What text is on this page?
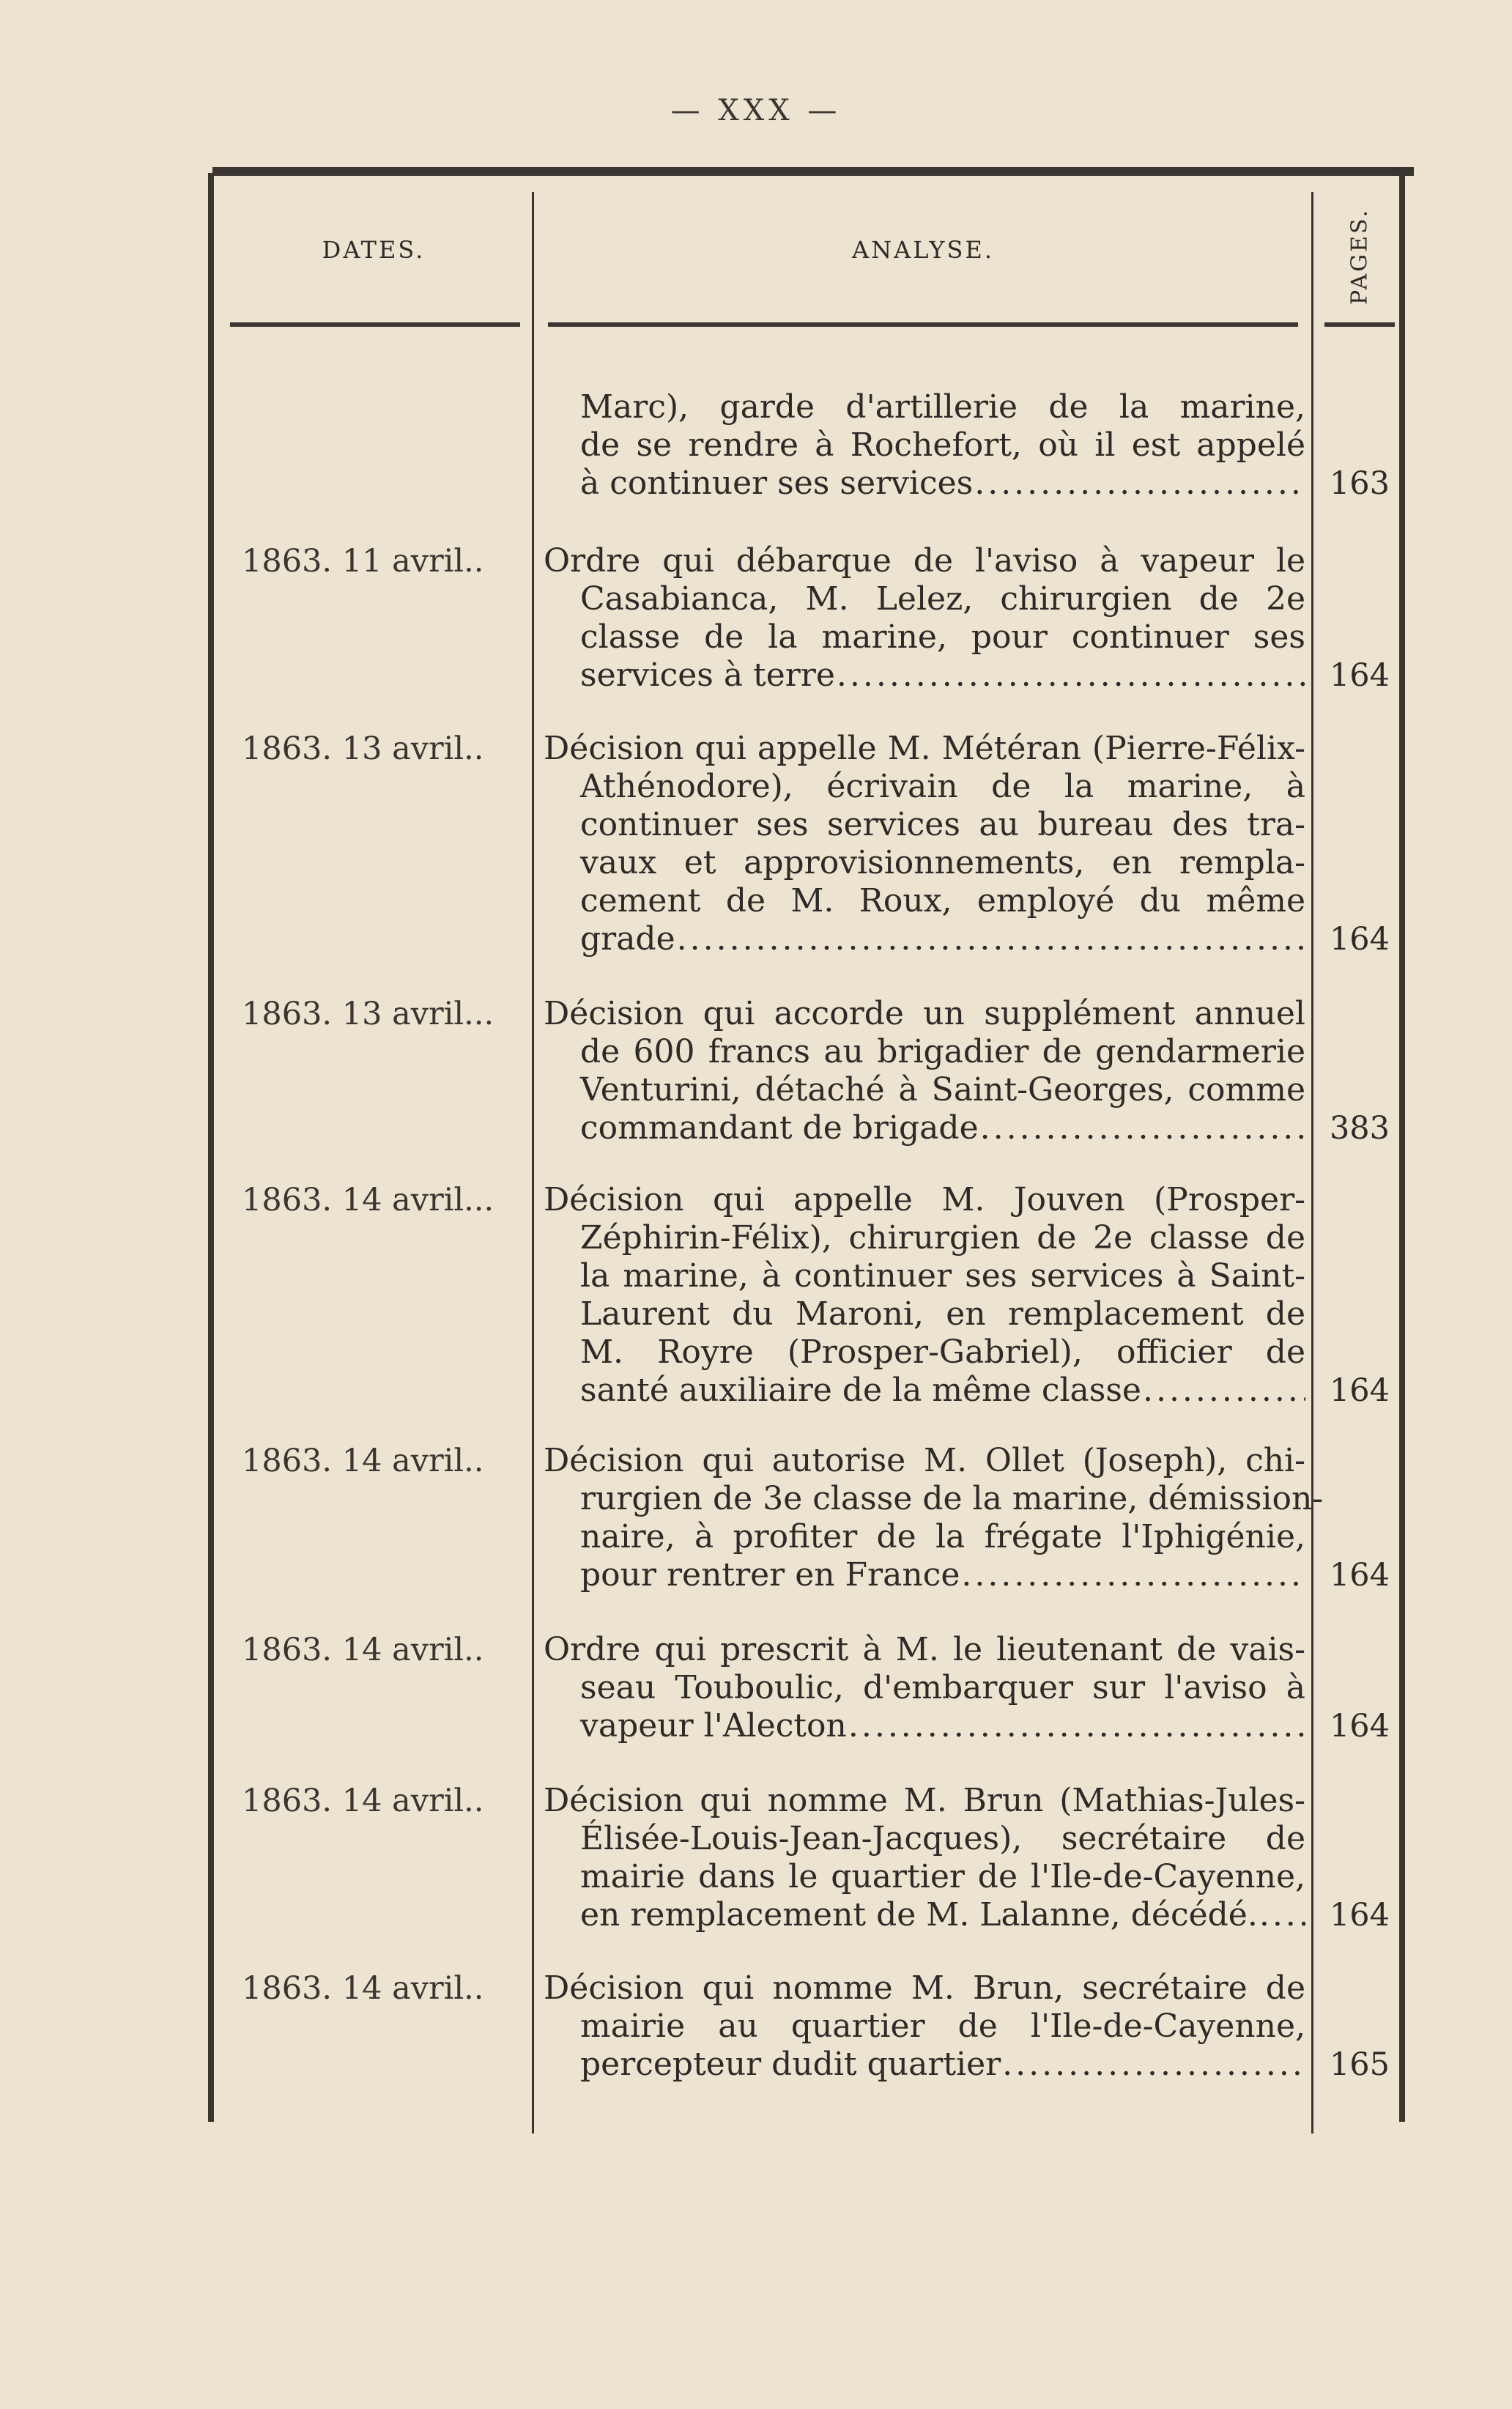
— XXX —
DATES.	ANALYSE.	PAGES.
Marc), garde d'artillerie de la marine,
de se rendre à Rochefort, où il est appelé
à continuer ses services .....	163
1863. 11 avril..	Ordre qui débarque de l'aviso à vapeur le
Casabianca, M. Lelez, chirurgien de 2e
classe de la marine, pour continuer ses
services à terre .....	164
1863. 13 avril..	Décision qui appelle M. Météran (Pierre-Félix-
Athénodore), écrivain de la marine, à
continuer ses services au bureau des tra-
vaux et approvisionnements, en rempla-
cement de M. Roux, employé du même
grade .....	164
1863. 13 avril...	Décision qui accorde un supplément annuel
de 600 francs au brigadier de gendarmerie
Venturini, détaché à Saint-Georges, comme
commandant de brigade .....	383
1863. 14 avril...	Décision qui appelle M. Jouven (Prosper-
Zéphirin-Félix), chirurgien de 2e classe de
la marine, à continuer ses services à Saint-
Laurent du Maroni, en remplacement de
M. Royre (Prosper-Gabriel), officier de
santé auxiliaire de la même classe .....	164
1863. 14 avril..	Décision qui autorise M. Ollet (Joseph), chi-
rurgien de 3e classe de la marine, démission-
naire, à profiter de la frégate l'Iphigénie,
pour rentrer en France .....	164
1863. 14 avril..	Ordre qui prescrit à M. le lieutenant de vais-
seau Touboulic, d'embarquer sur l'aviso à
vapeur l'Alecton .....	164
1863. 14 avril..	Décision qui nomme M. Brun (Mathias-Jules-
Élisée-Louis-Jean-Jacques), secrétaire de
mairie dans le quartier de l'Ile-de-Cayenne,
en remplacement de M. Lalanne, décédé. ..... 164
1863. 14 avril..	Décision qui nomme M. Brun, secrétaire de
mairie au quartier de l'Ile-de-Cayenne,
percepteur dudit quartier .....	165
